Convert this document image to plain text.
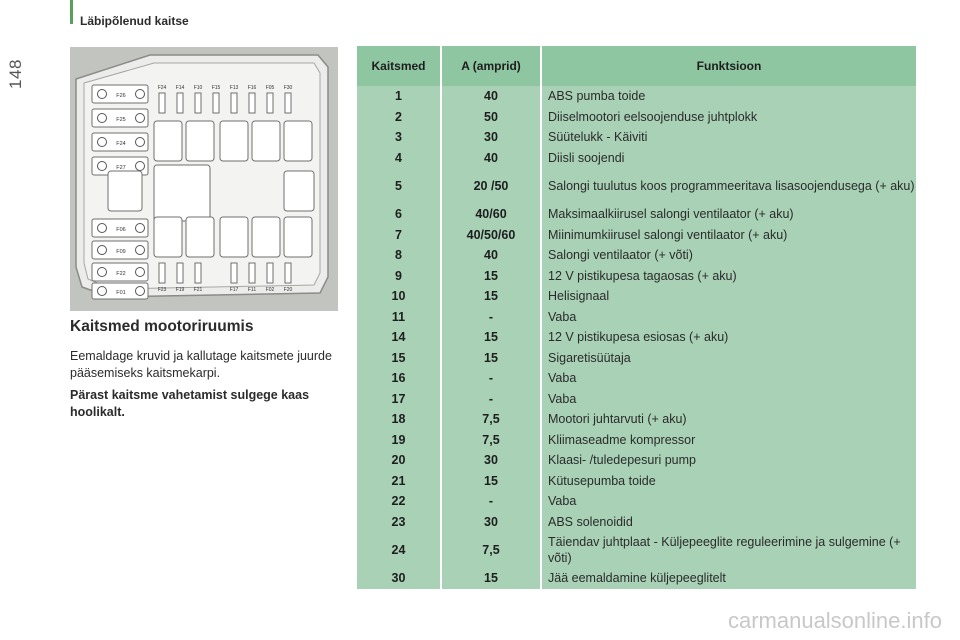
Läbipõlenud kaitse
148
F26
F25
F24
F27
F06
F09
F22
F01
F24 F14 F10 F15 F13 F16 F05 F30
F23 F19 F21	F17 F11 F02 F20
Kaitsmed mootoriruumis

Eemaldage kruvid ja kallutage kaitsmete juurde pääsemiseks kaitsmekarpi.

Pärast kaitsme vahetamist sulgege kaas hoolikalt.

Kaitsmed	A (amprid)	Funktsioon
1	40	ABS pumba toide
2	50	Diiselmootori eelsoojenduse juhtplokk
3	30	Süütelukk - Käiviti
4	40	Diisli soojendi
5	20 /50	Salongi tuulutus koos programmeeritava lisasoojendusega (+ aku)
6	40/60	Maksimaalkiirusel salongi ventilaator (+ aku)
7	40/50/60	Miinimumkiirusel salongi ventilaator (+ aku)
8	40	Salongi ventilaator (+ võti)
9	15	12 V pistikupesa tagaosas (+ aku)
10	15	Helisignaal
11	-	Vaba
14	15	12 V pistikupesa esiosas (+ aku)
15	15	Sigaretisüütaja
16	-	Vaba
17	-	Vaba
18	7,5	Mootori juhtarvuti (+ aku)
19	7,5	Kliimaseadme kompressor
20	30	Klaasi- /tuledepesuri pump
21	15	Kütusepumba toide
22	-	Vaba
23	30	ABS solenoidid
24	7,5	Täiendav juhtplaat - Küljepeeglite reguleerimine ja sulgemine (+ võti)
30	15	Jää eemaldamine küljepeeglitelt
carmanualsonline.info
